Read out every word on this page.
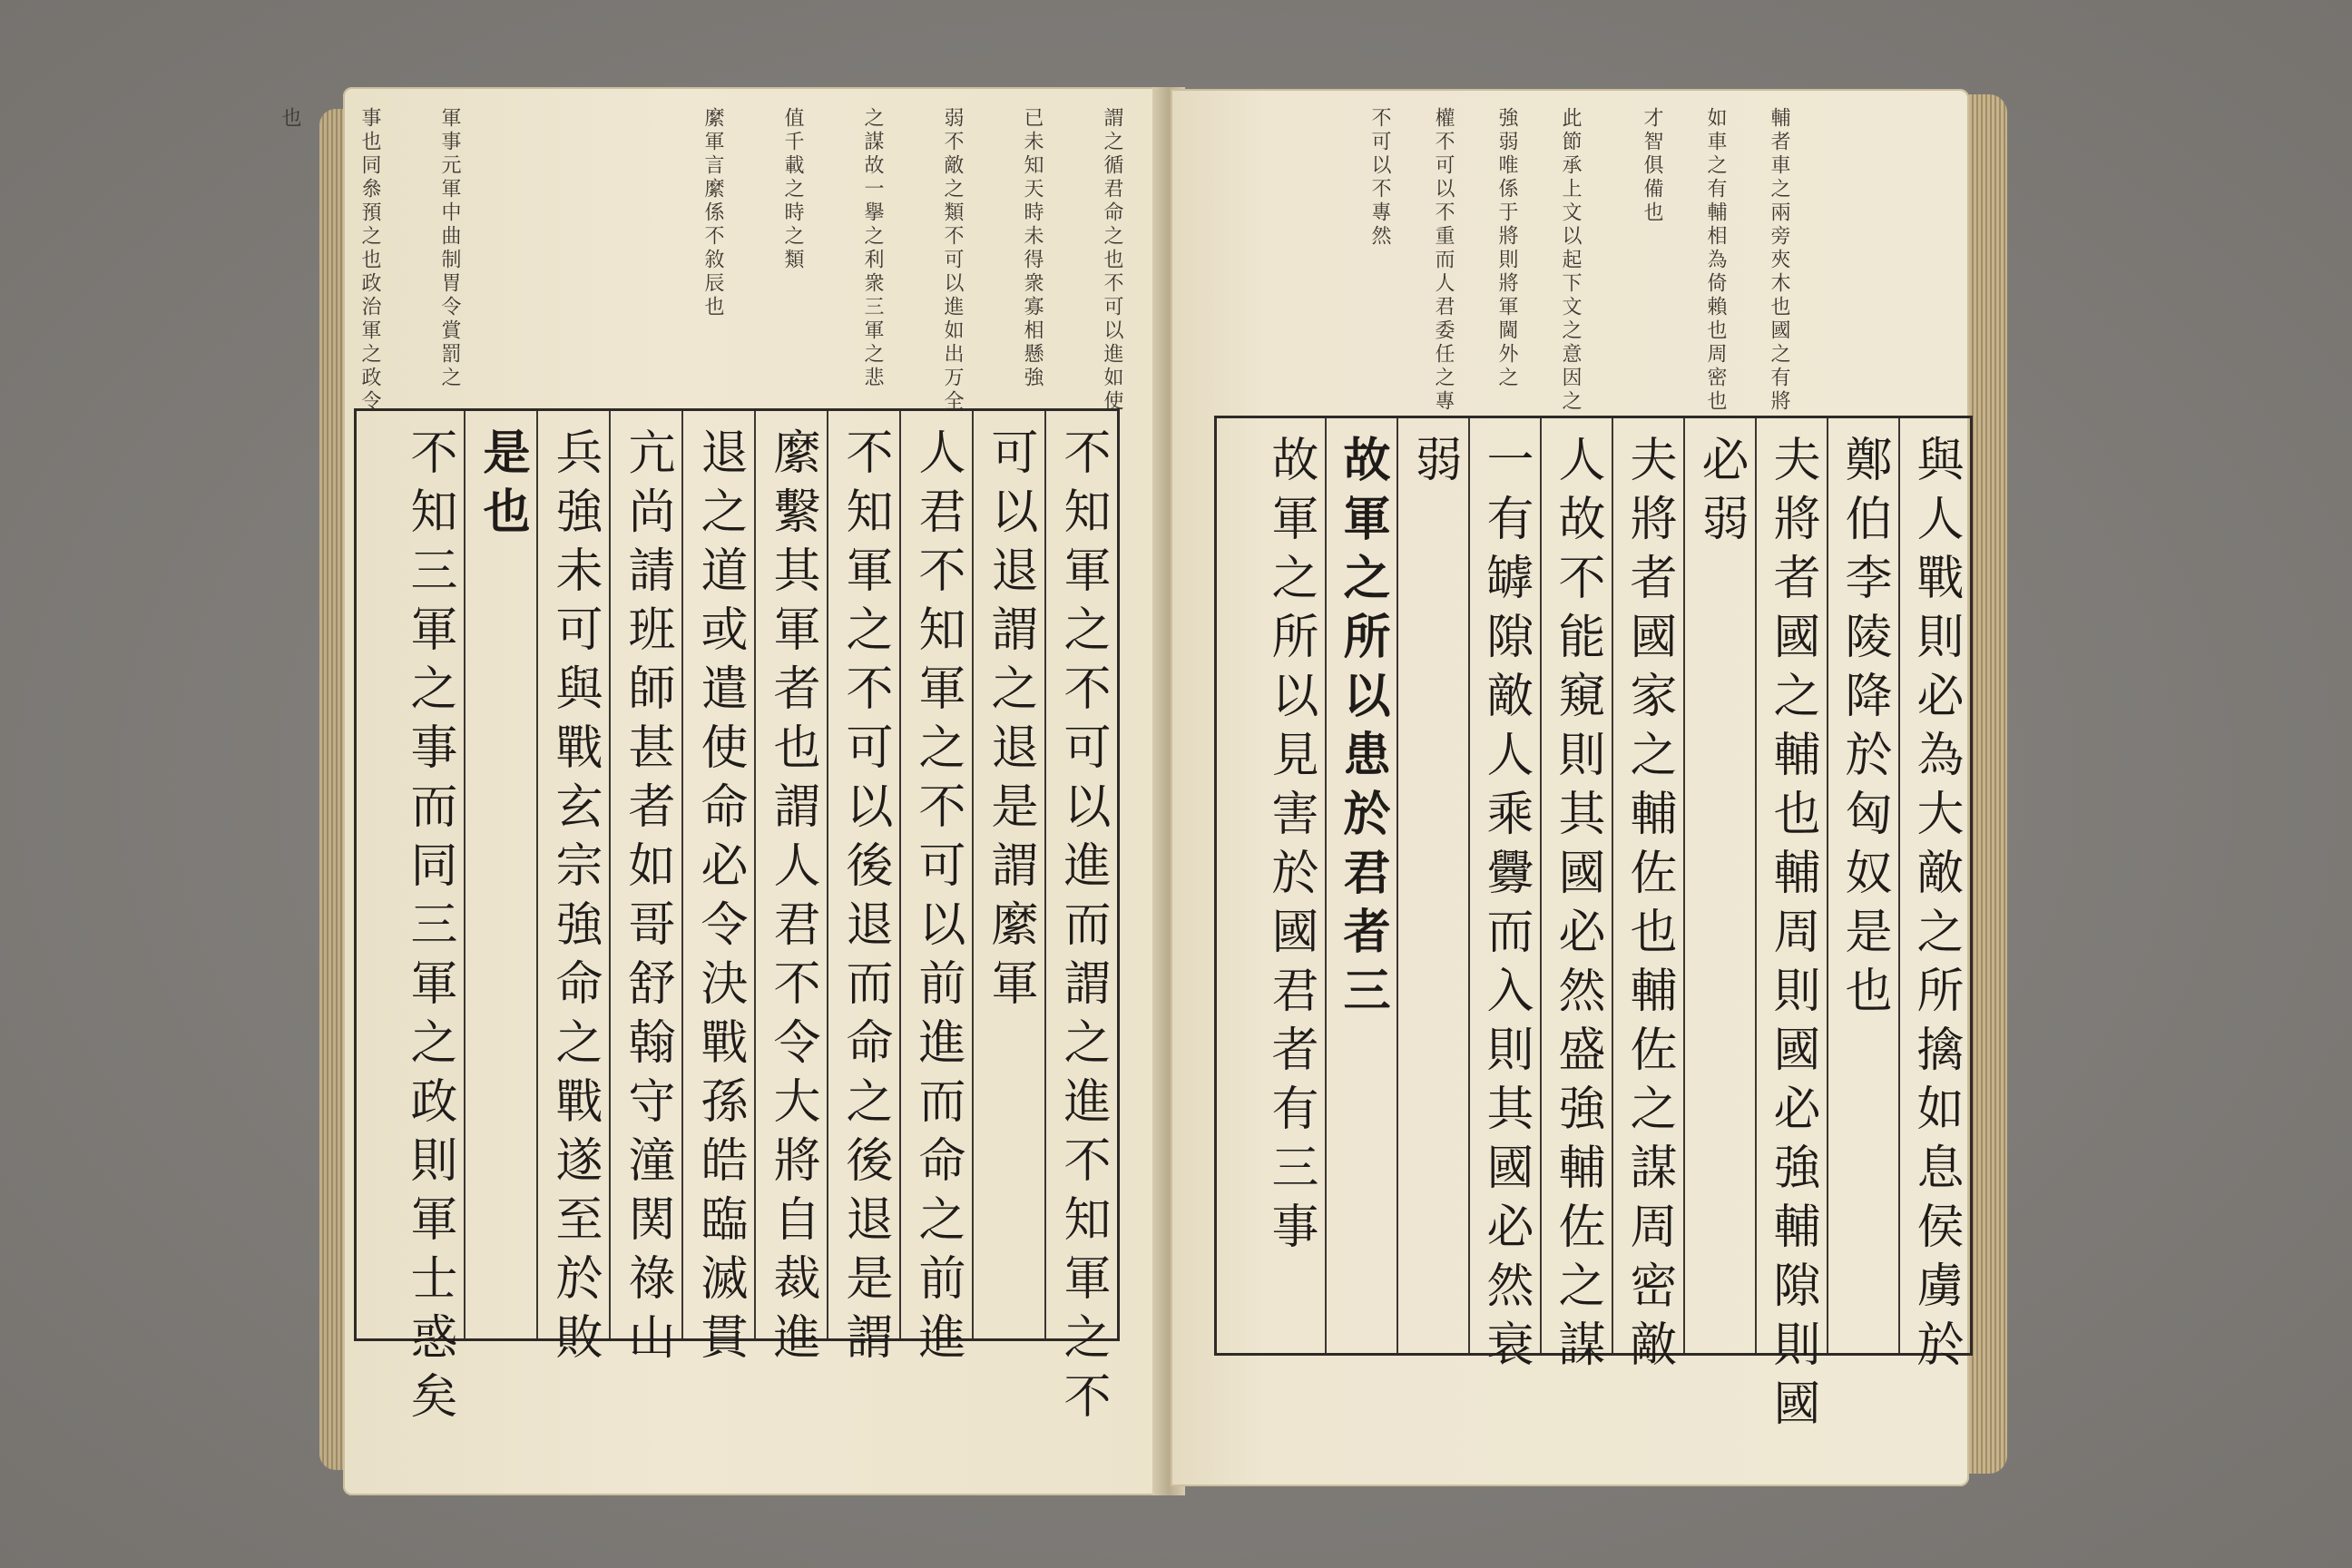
謂之循君命之也不可以進如使
已未知天時未得衆寡相懸強
弱不敵之類不可以進如出万全
之謀故一擧之利衆三軍之悲
值千載之時之類
縻軍言縻係不敘辰也
軍事元軍中曲制胃令賞罰之
事也同叅預之也政治軍之政令
也
不知軍之不可以進而謂之進不知軍之不
可以退謂之退是謂縻軍
人君不知軍之不可以前進而命之前進
不知軍之不可以後退而命之後退是謂
縻繫其軍者也謂人君不令大將自裁進
退之道或遣使命必令決戰孫皓臨滅貫
亢尚請班師甚者如哥舒翰守潼関祿山
兵強未可與戰玄宗強命之戰遂至於敗
是也
不知三軍之事而同三軍之政則軍士惑矣
輔者車之兩旁夾木也國之有將
如車之有輔相為倚賴也周密也
才智俱備也
此節承上文以起下文之意因之
強弱唯係于將則將軍閫外之
權不可以不重而人君委任之專
不可以不專然
與人戰則必為大敵之所擒如息侯虜於
鄭伯李陵降於匈奴是也
夫將者國之輔也輔周則國必強輔隙則國
必弱
夫將者國家之輔佐也輔佐之謀周密敵
人故不能窺則其國必然盛強輔佐之謀
一有罅隙敵人乘釁而入則其國必然衰
弱
故軍之所以患於君者三
故軍之所以見害於國君者有三事
